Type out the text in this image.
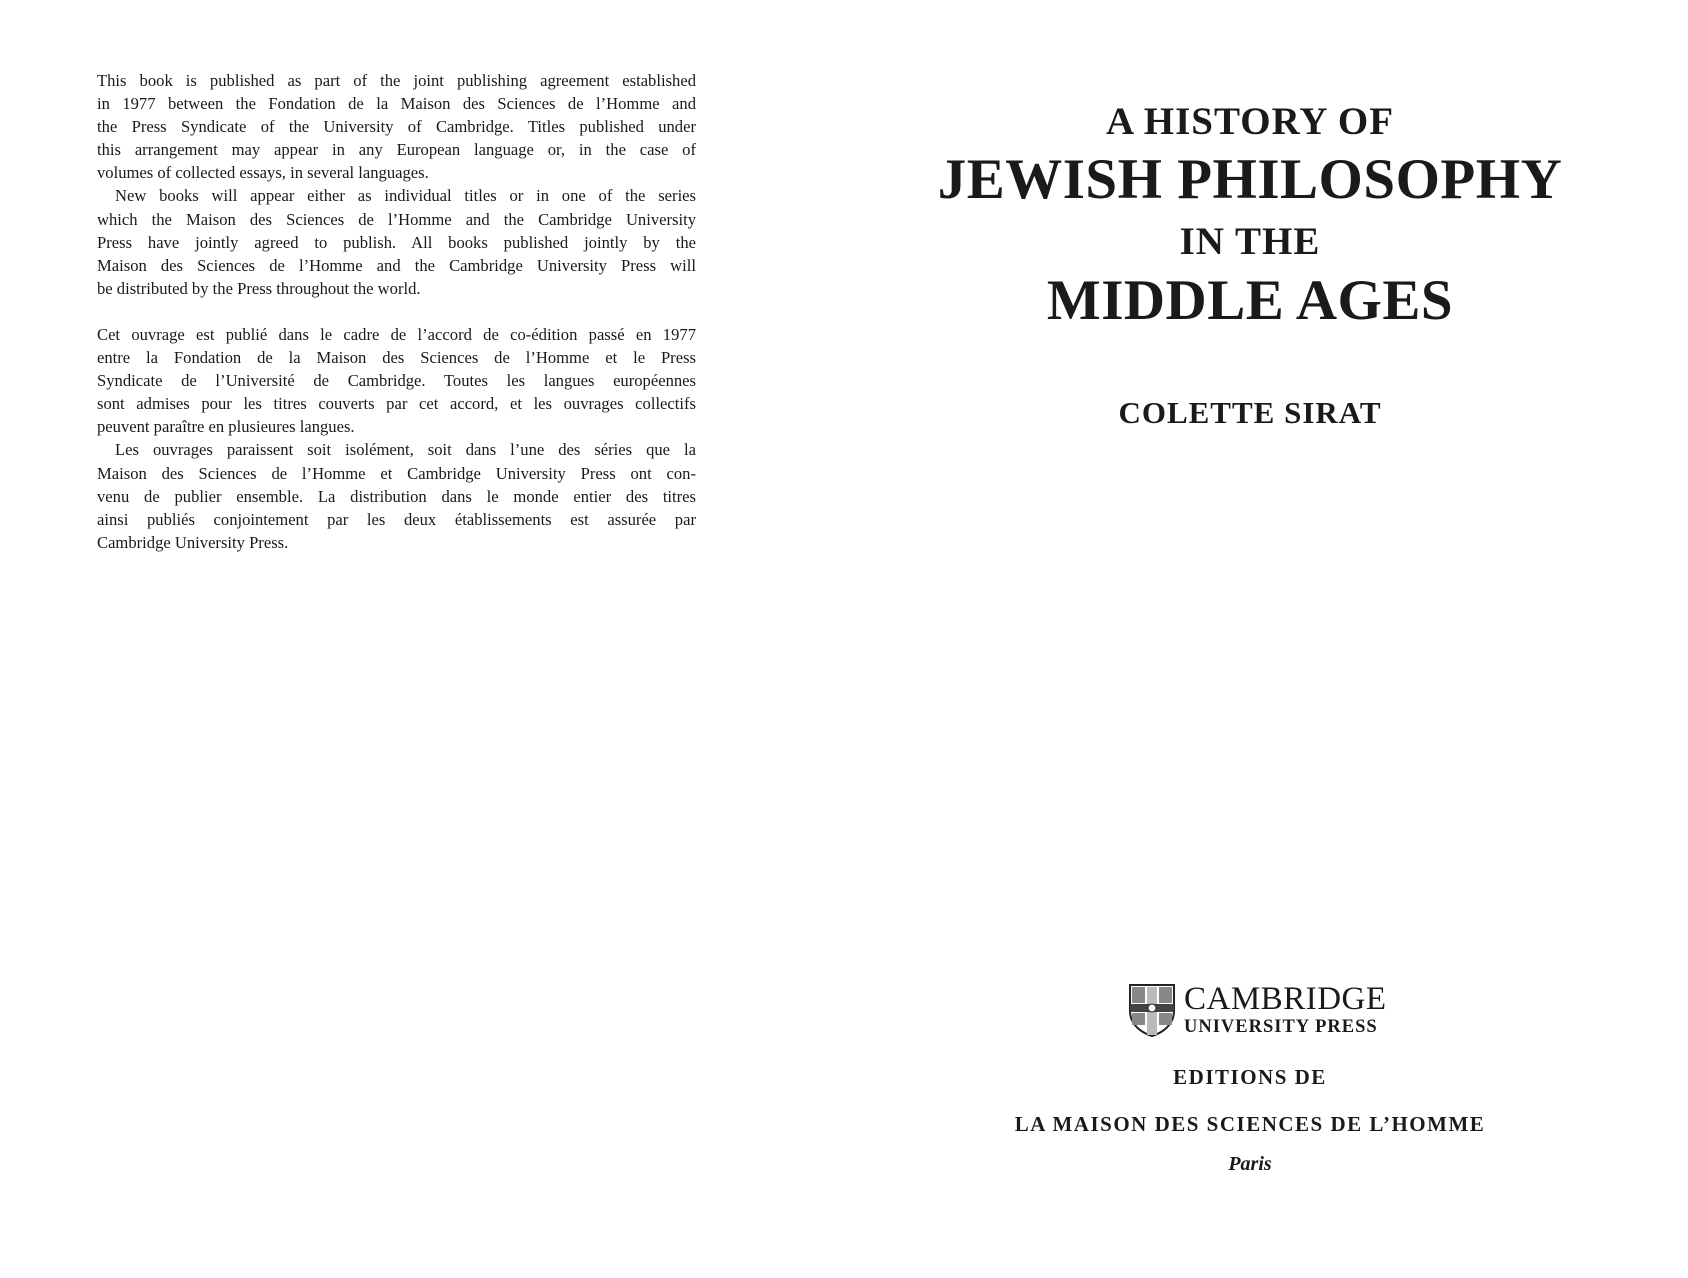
This book is published as part of the joint publishing agreement established
in 1977 between the Fondation de la Maison des Sciences de l’Homme and
the Press Syndicate of the University of Cambridge. Titles published under
this arrangement may appear in any European language or, in the case of
volumes of collected essays, in several languages.
New books will appear either as individual titles or in one of the series
which the Maison des Sciences de l’Homme and the Cambridge University
Press have jointly agreed to publish. All books published jointly by the
Maison des Sciences de l’Homme and the Cambridge University Press will
be distributed by the Press throughout the world.
Cet ouvrage est publié dans le cadre de l’accord de co-édition passé en 1977
entre la Fondation de la Maison des Sciences de l’Homme et le Press
Syndicate de l’Université de Cambridge. Toutes les langues européennes
sont admises pour les titres couverts par cet accord, et les ouvrages collectifs
peuvent paraître en plusieures langues.
Les ouvrages paraissent soit isolément, soit dans l’une des séries que la
Maison des Sciences de l’Homme et Cambridge University Press ont con-
venu de publier ensemble. La distribution dans le monde entier des titres
ainsi publiés conjointement par les deux établissements est assurée par
Cambridge University Press.
A HISTORY OF
JEWISH PHILOSOPHY
IN THE
MIDDLE AGES
COLETTE SIRAT
CAMBRIDGE
UNIVERSITY PRESS
EDITIONS DE
LA MAISON DES SCIENCES DE L’HOMME
Paris
